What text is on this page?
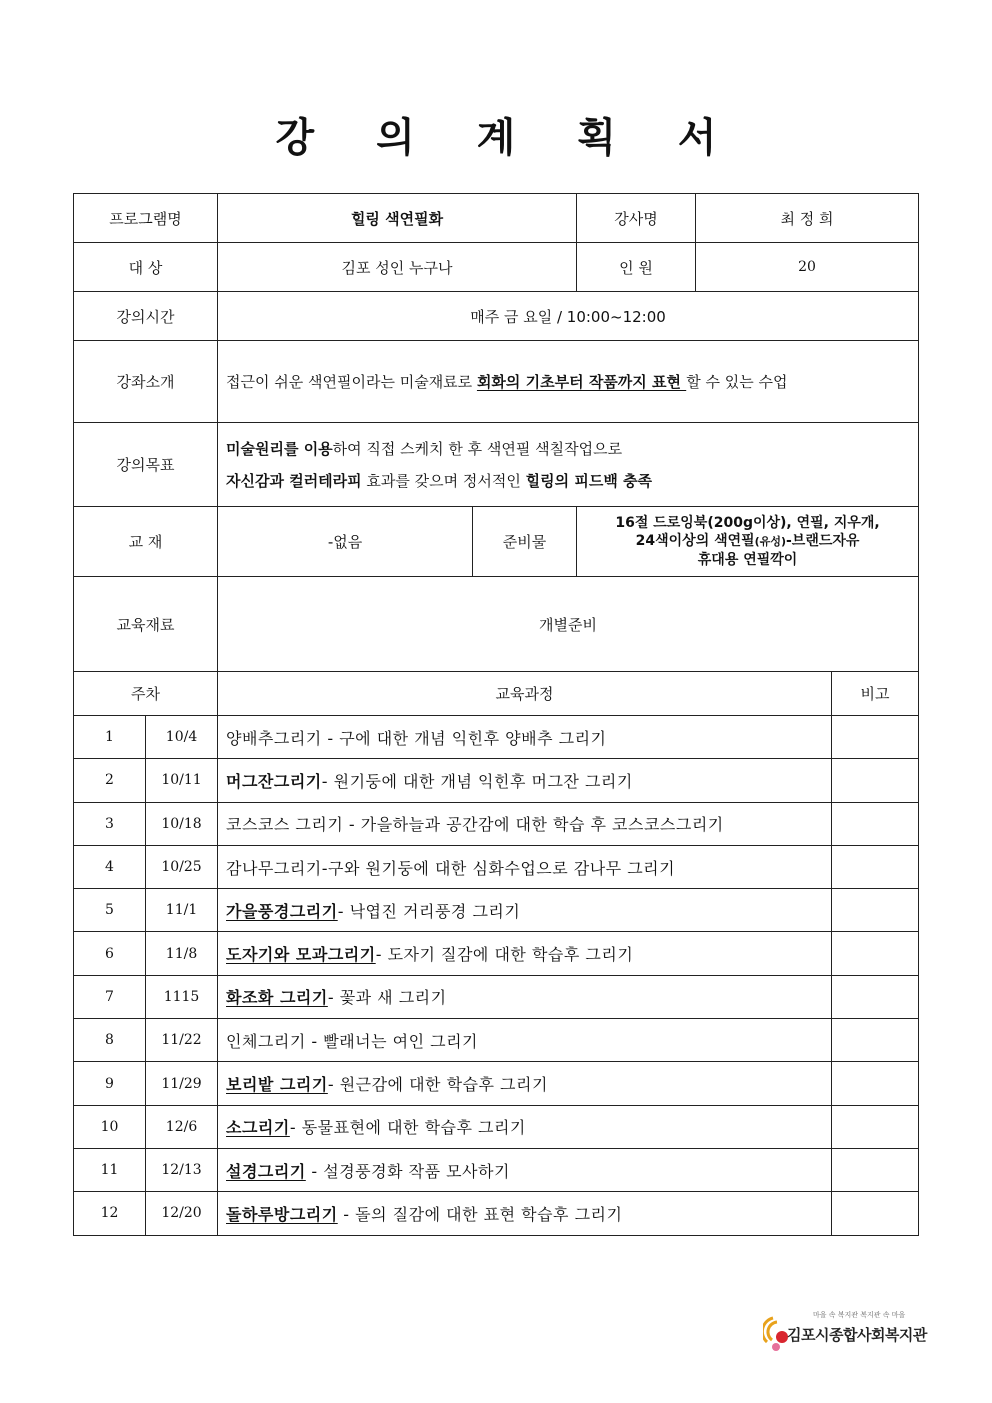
강 의 계 획 서
프로그램명		힐링 색연필화		강사명	최 정 희	
대 상		김포 성인 누구나		인 원	20	
강의시간		매주 금 요일 / 10:00~12:00				
강좌소개		접근이 쉬운 색연필이라는 미술재료로 회화의 기초부터 작품까지 표현 할 수 있는 수업				
강의목표		미술원리를 이용하여 직접 스케치 한 후 색연필 색칠작업으로
자신감과 컬러테라피 효과를 갖으며 정서적인 힐링의 피드백 충족				

교 재		-없음	준비물	16절 드로잉북(200g이상), 연필, 지우개,
24색이상의 색연필(유성)-브랜드자유
휴대용 연필깍이		

교육재료		개별준비				
주차		교육과정				비고
1	10/4	양배추그리기 - 구에 대한 개념 익힌후 양배추 그리기				
2	10/11	머그잔그리기- 원기둥에 대한 개념 익힌후 머그잔 그리기				
3	10/18	코스코스 그리기 - 가을하늘과 공간감에 대한 학습 후 코스코스그리기				
4	10/25	감나무그리기-구와 원기둥에 대한 심화수업으로 감나무 그리기				
5	11/1	가을풍경그리기- 낙엽진 거리풍경 그리기				
6	11/8	도자기와 모과그리기- 도자기 질감에 대한 학습후 그리기				
7	1115	화조화 그리기- 꽃과 새 그리기				
8	11/22	인체그리기 - 빨래너는 여인 그리기				
9	11/29	보리밭 그리기- 원근감에 대한 학습후 그리기				
10	12/6	소그리기- 동물표현에 대한 학습후 그리기				
11	12/13	설경그리기 - 설경풍경화 작품 모사하기				
12	12/20	돌하루방그리기 - 돌의 질감에 대한 표현 학습후 그리기				
마을 속 복지관 복지관 속 마을
김포시종합사회복지관
